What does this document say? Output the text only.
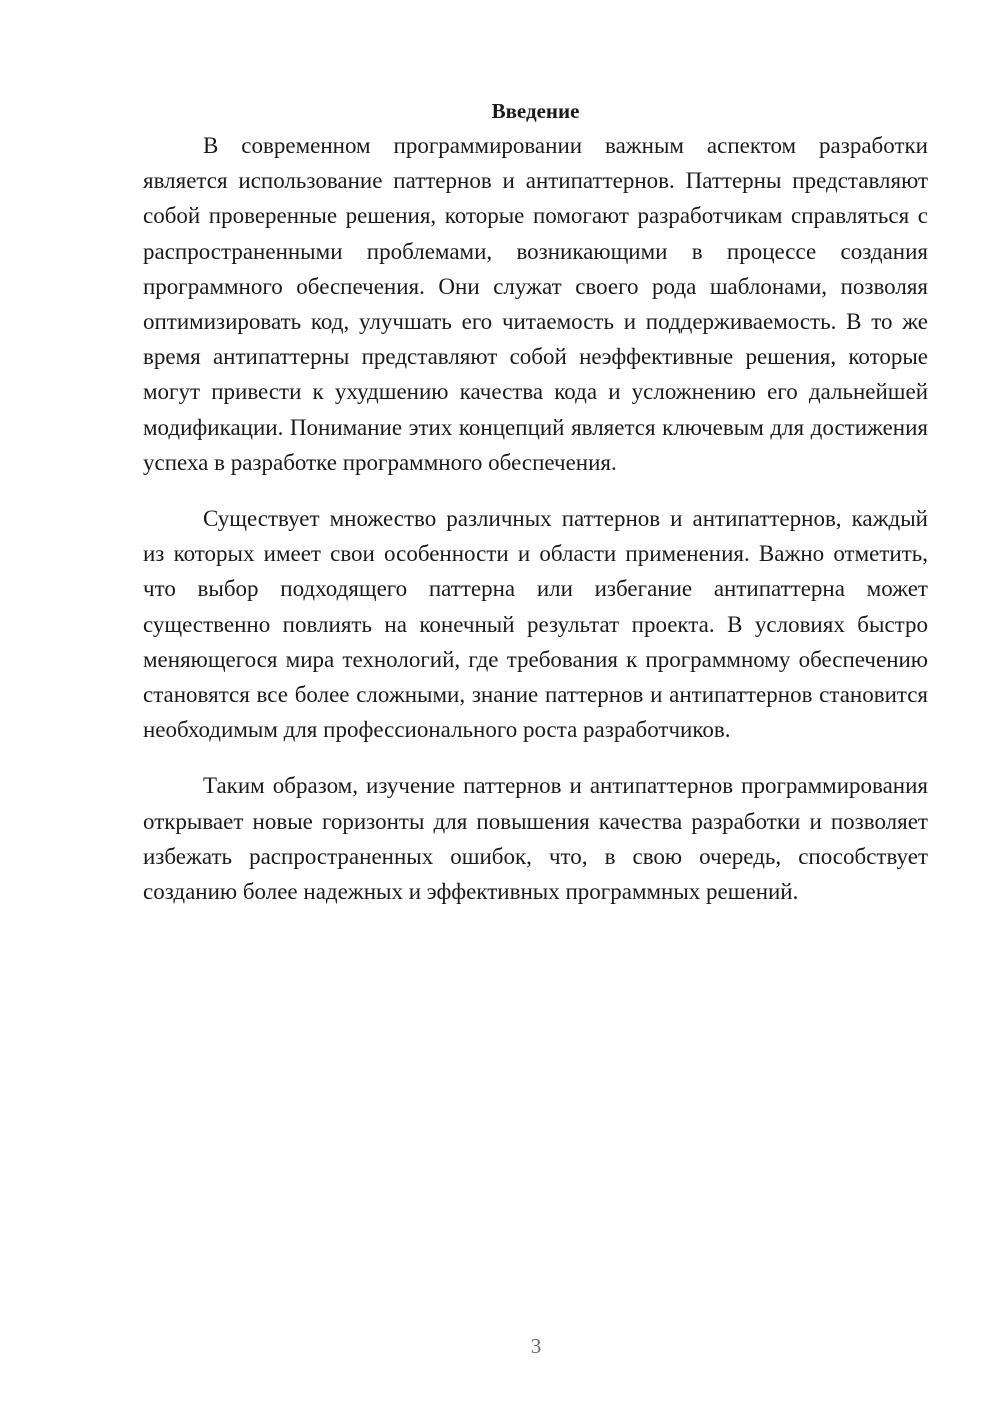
Введение

В современном программировании важным аспектом разработки является использование паттернов и антипаттернов. Паттерны представляют собой проверенные решения, которые помогают разработчикам справляться с распространенными проблемами, возникающими в процессе создания программного обеспечения. Они служат своего рода шаблонами, позволяя оптимизировать код, улучшать его читаемость и поддерживаемость. В то же время антипаттерны представляют собой неэффективные решения, которые могут привести к ухудшению качества кода и усложнению его дальнейшей модификации. Понимание этих концепций является ключевым для достижения успеха в разработке программного обеспечения.

Существует множество различных паттернов и антипаттернов, каждый из которых имеет свои особенности и области применения. Важно отметить, что выбор подходящего паттерна или избегание антипаттерна может существенно повлиять на конечный результат проекта. В условиях быстро меняющегося мира технологий, где требования к программному обеспечению становятся все более сложными, знание паттернов и антипаттернов становится необходимым для профессионального роста разработчиков.

Таким образом, изучение паттернов и антипаттернов программирования открывает новые горизонты для повышения качества разработки и позволяет избежать распространенных ошибок, что, в свою очередь, способствует созданию более надежных и эффективных программных решений.

3
